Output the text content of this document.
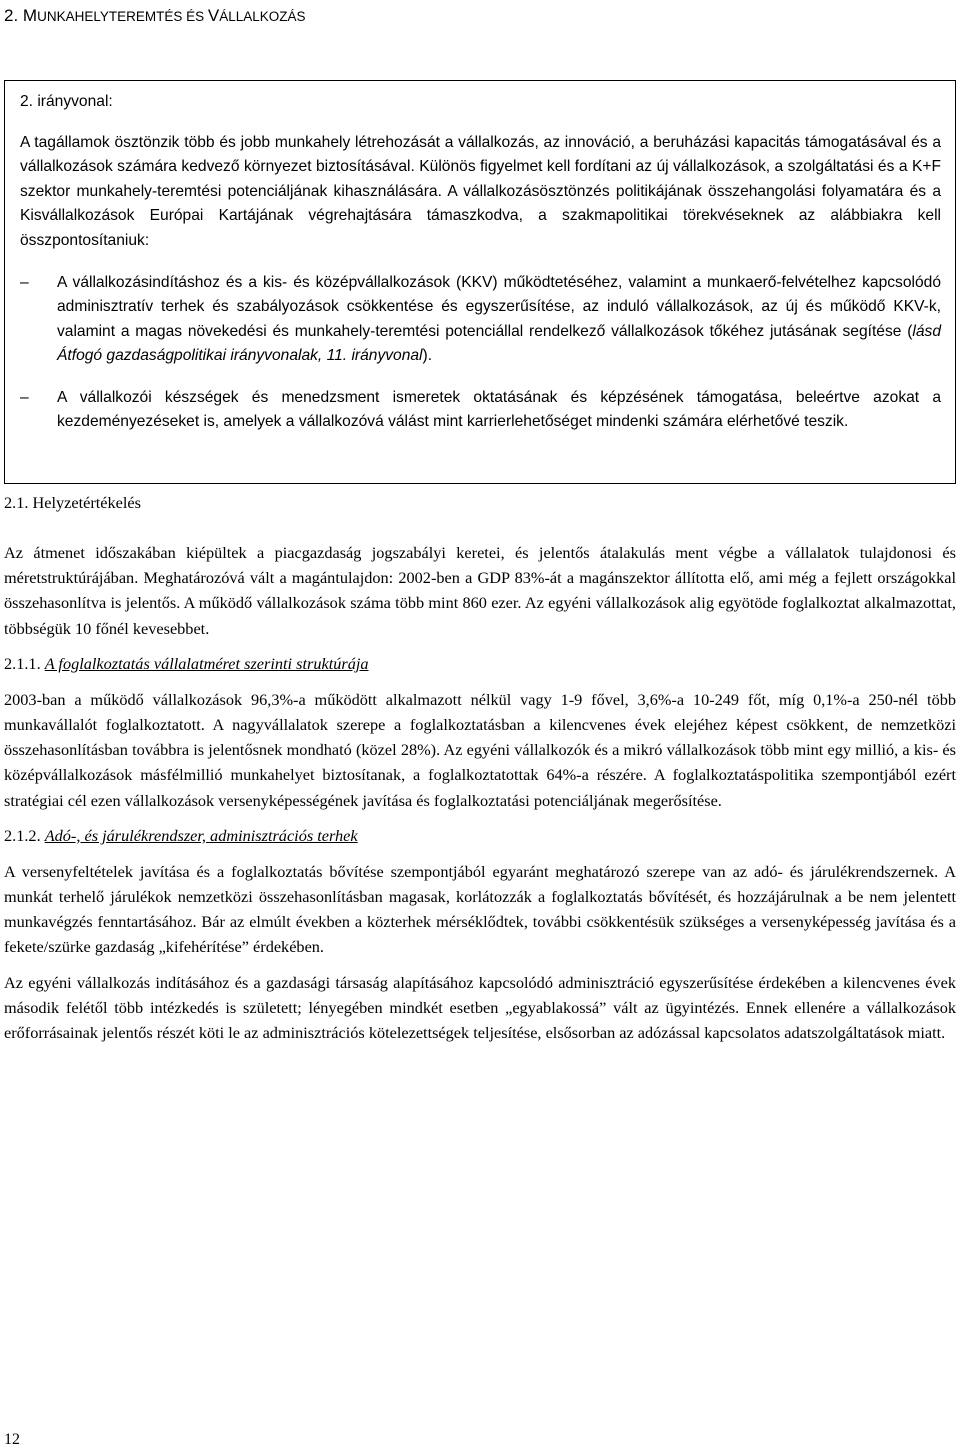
2. MUNKAHELYTEREMTÉS ÉS VÁLLALKOZÁS

2. irányvonal:

A tagállamok ösztönzik több és jobb munkahely létrehozását a vállalkozás, az innováció, a beruházási kapacitás támogatásával és a vállalkozások számára kedvező környezet biztosításával. Különös figyelmet kell fordítani az új vállalkozások, a szolgáltatási és a K+F szektor munkahely-teremtési potenciáljának kihasználására. A vállalkozásösztönzés politikájának összehangolási folyamatára és a Kisvállalkozások Európai Kartájának végrehajtására támaszkodva, a szakmapolitikai törekvéseknek az alábbiakra kell összpontosítaniuk:

– A vállalkozásindításhoz és a kis- és középvállalkozások (KKV) működtetéséhez, valamint a munkaerő-felvételhez kapcsolódó adminisztratív terhek és szabályozások csökkentése és egyszerűsítése, az induló vállalkozások, az új és működő KKV-k, valamint a magas növekedési és munkahely-teremtési potenciállal rendelkező vállalkozások tőkéhez jutásának segítése (lásd Átfogó gazdaságpolitikai irányvonalak, 11. irányvonal).
– A vállalkozói készségek és menedzsment ismeretek oktatásának és képzésének támogatása, beleértve azokat a kezdeményezéseket is, amelyek a vállalkozóvá válást mint karrierlehetőséget mindenki számára elérhetővé teszik.
2.1. Helyzetértékelés

Az átmenet időszakában kiépültek a piacgazdaság jogszabályi keretei, és jelentős átalakulás ment végbe a vállalatok tulajdonosi és méretstruktúrájában. Meghatározóvá vált a magántulajdon: 2002-ben a GDP 83%-át a magánszektor állította elő, ami még a fejlett országokkal összehasonlítva is jelentős. A működő vállalkozások száma több mint 860 ezer. Az egyéni vállalkozások alig egyötöde foglalkoztat alkalmazottat, többségük 10 főnél kevesebbet.

2.1.1. A foglalkoztatás vállalatméret szerinti struktúrája

2003-ban a működő vállalkozások 96,3%-a működött alkalmazott nélkül vagy 1-9 fővel, 3,6%-a 10-249 főt, míg 0,1%-a 250-nél több munkavállalót foglalkoztatott. A nagyvállalatok szerepe a foglalkoztatásban a kilencvenes évek elejéhez képest csökkent, de nemzetközi összehasonlításban továbbra is jelentősnek mondható (közel 28%). Az egyéni vállalkozók és a mikró vállalkozások több mint egy millió, a kis- és középvállalkozások másfélmillió munkahelyet biztosítanak, a foglalkoztatottak 64%-a részére. A foglalkoztatáspolitika szempontjából ezért stratégiai cél ezen vállalkozások versenyképességének javítása és foglalkoztatási potenciáljának megerősítése.

2.1.2. Adó-, és járulékrendszer, adminisztrációs terhek

A versenyfeltételek javítása és a foglalkoztatás bővítése szempontjából egyaránt meghatározó szerepe van az adó- és járulékrendszernek. A munkát terhelő járulékok nemzetközi összehasonlításban magasak, korlátozzák a foglalkoztatás bővítését, és hozzájárulnak a be nem jelentett munkavégzés fenntartásához. Bár az elmúlt években a közterhek mérséklődtek, további csökkentésük szükséges a versenyképesség javítása és a fekete/szürke gazdaság „kifehérítése” érdekében.

Az egyéni vállalkozás indításához és a gazdasági társaság alapításához kapcsolódó adminisztráció egyszerűsítése érdekében a kilencvenes évek második felétől több intézkedés is született; lényegében mindkét esetben „egyablakossá” vált az ügyintézés. Ennek ellenére a vállalkozások erőforrásainak jelentős részét köti le az adminisztrációs kötelezettségek teljesítése, elsősorban az adózással kapcsolatos adatszolgáltatások miatt.

12
